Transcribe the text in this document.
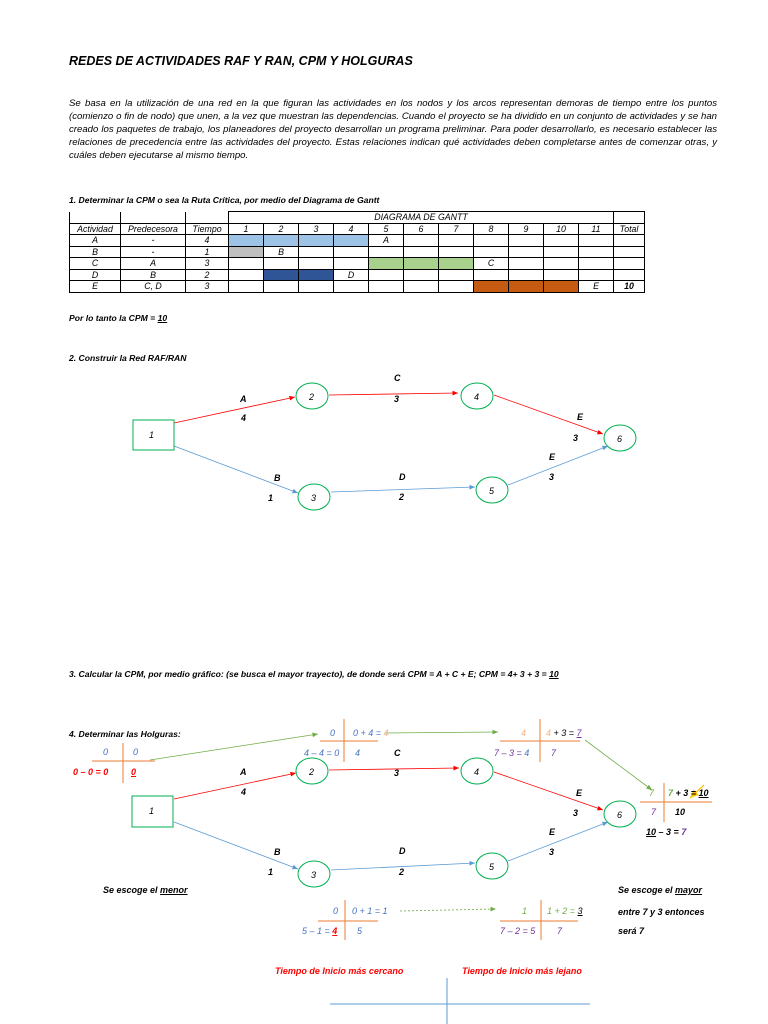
REDES DE ACTIVIDADES RAF Y RAN, CPM Y HOLGURAS
Se basa en la utilización de una red en la que figuran las actividades en los nodos y los arcos representan demoras de tiempo entre los puntos (comienzo o fin de nodo) que unen, a la vez que muestran las dependencias. Cuando el proyecto se ha dividido en un conjunto de actividades y se han creado los paquetes de trabajo, los planeadores del proyecto desarrollan un programa preliminar. Para poder desarrollarlo, es necesario establecer las relaciones de precedencia entre las actividades del proyecto. Estas relaciones indican qué actividades deben completarse antes de comenzar otras, y cuáles deben ejecutarse al mismo tiempo.
1. Determinar la CPM o sea la Ruta Crítica, por medio del Diagrama de Gantt
			DIAGRAMA DE GANTT											
Actividad	Predecesora	Tiempo	1	2	3	4	5	6	7	8	9	10	11	Total
A	-	4					A							
B	-	1		B										
C	A	3								C				
D	B	2				D								
E	C, D	3											E	10
Por lo tanto la CPM = 10
2. Construir la Red RAF/RAN
3. Calcular la CPM, por medio gráfico: (se busca el mayor trayecto), de donde será CPM = A + C + E; CPM = 4+ 3 + 3 = 10
4. Determinar las Holguras:
1
2
3
4
5
6
A
4
B
1
C
3
D
2
E
3
E
3
1
2
3
4
5
6
A
4
B
1
C
3
D
2
E
3
E
3
0	0
0 – 0 = 0	0
0 0 + 4 = 4
4 – 4 = 0 4
4 4 + 3 = 7
7 – 3 = 4 7
7 7 + 3 = 10
7 10
10 – 3 = 7
0 0 + 1 = 1
5 – 1 = 4 5
1 1 + 2 = 3
7 – 2 = 5 7
Se escoge el menor	Se escoge el mayor
entre 7 y 3 entonces
será 7
Tiempo de Inicio más cercano	Tiempo de Inicio más lejano
